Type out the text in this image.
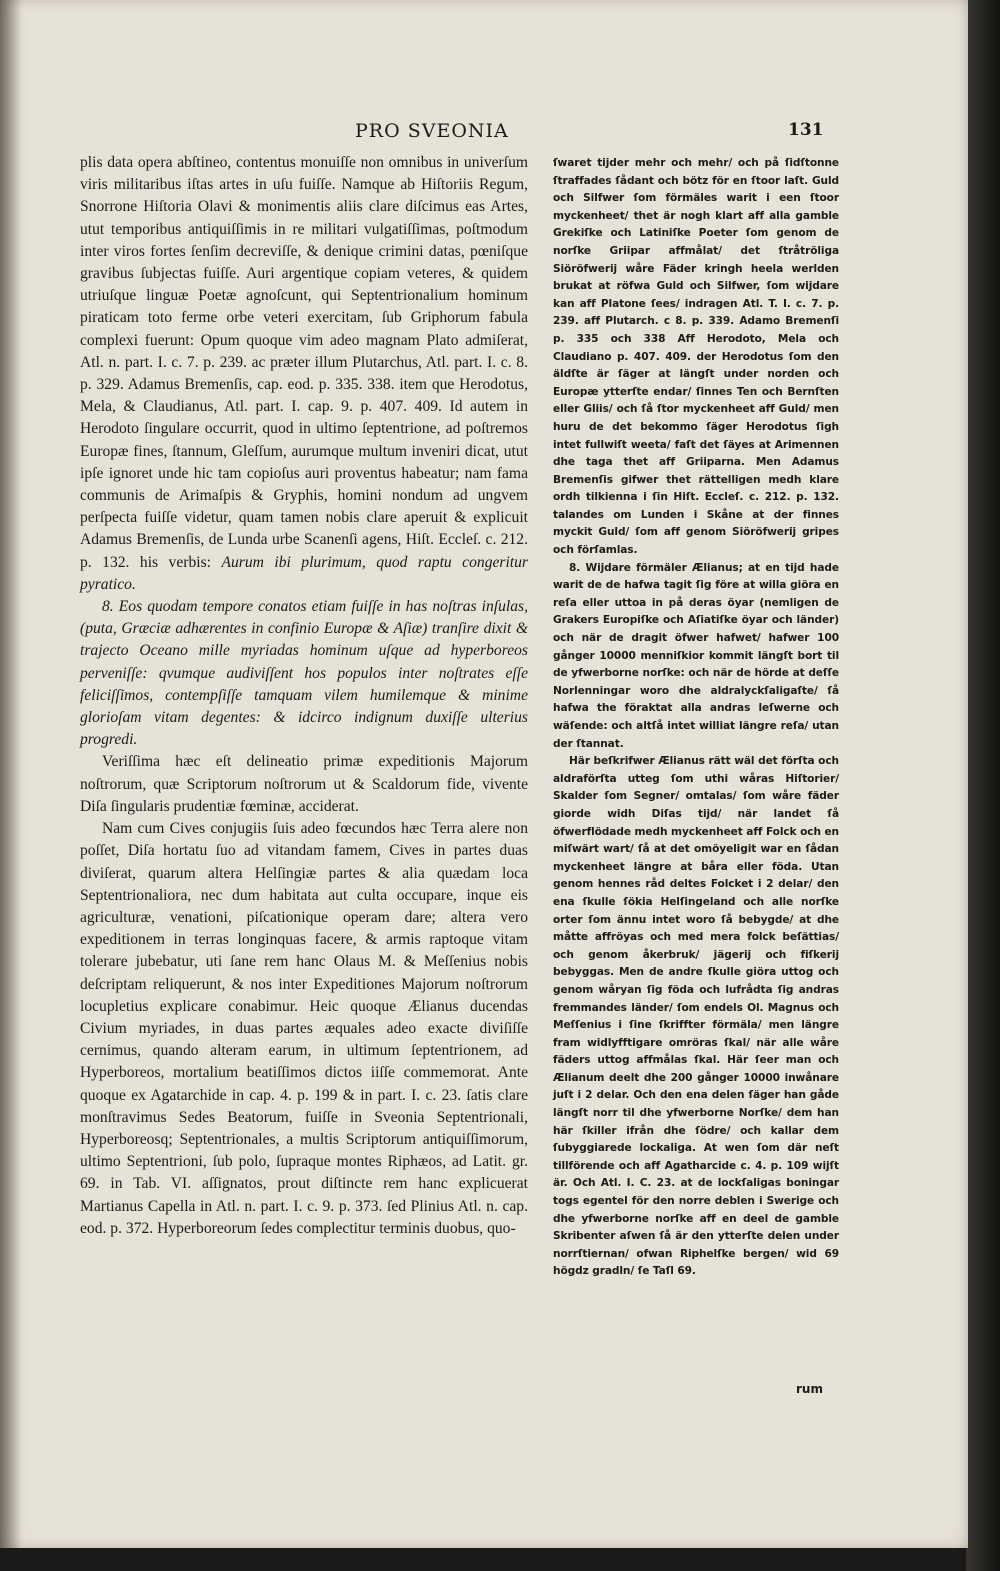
PRO SVEONIA	131

plis data opera abſtineo, contentus monuiſſe non omnibus in univerſum viris militaribus iſtas artes in uſu fuiſſe. Namque ab Hiſtoriis Regum, Snorrone Hiſtoria Olavi & monimentis aliis clare diſcimus eas Artes, utut temporibus antiquiſſimis in re militari vulgatiſſimas, poſtmodum inter viros fortes ſenſim decreviſſe, & denique crimini datas, pœniſque gravibus ſubjectas fuiſſe. Auri argentique copiam veteres, & quidem utriuſque linguæ Poetæ agnoſcunt, qui Septentrionalium hominum piraticam toto ferme orbe veteri exercitam, ſub Griphorum fabula complexi fuerunt: Opum quoque vim adeo magnam Plato admiſerat, Atl. n. part. I. c. 7. p. 239. ac præter illum Plutarchus, Atl. part. I. c. 8. p. 329. Adamus Bremenſis, cap. eod. p. 335. 338. item que Herodotus, Mela, & Claudianus, Atl. part. I. cap. 9. p. 407. 409. Id autem in Herodoto ſingulare occurrit, quod in ultimo ſeptentrione, ad poſtremos Europæ fines, ſtannum, Gleſſum, aurumque multum inveniri dicat, utut ipſe ignoret unde hic tam copioſus auri proventus habeatur; nam fama communis de Arimaſpis & Gryphis, homini nondum ad ungvem perſpecta fuiſſe videtur, quam tamen nobis clare aperuit & explicuit Adamus Bremenſis, de Lunda urbe Scanenſi agens, Hiſt. Eccleſ. c. 212. p. 132. his verbis: Aurum ibi plurimum, quod raptu congeritur pyratico.

8. Eos quodam tempore conatos etiam fuiſſe in has noſtras inſulas, (puta, Græciæ adhærentes in confinio Europæ & Aſiæ) tranſire dixit & trajecto Oceano mille myriadas hominum uſque ad hyperboreos perveniſſe: qvumque audiviſſent hos populos inter noſtrates eſſe feliciſſimos, contempſiſſe tamquam vilem humilemque & minime glorioſam vitam degentes: & idcirco indignum duxiſſe ulterius progredi.

Veriſſima hæc eſt delineatio primæ expeditionis Majorum noſtrorum, quæ Scriptorum noſtrorum ut & Scaldorum fide, vivente Diſa ſingularis prudentiæ fœminæ, acciderat.

Nam cum Cives conjugiis ſuis adeo fœcundos hæc Terra alere non poſſet, Diſa hortatu ſuo ad vitandam famem, Cives in partes duas diviſerat, quarum altera Helſingiæ partes & alia quædam loca Septentrionaliora, nec dum habitata aut culta occupare, inque eis agriculturæ, venationi, piſcationique operam dare; altera vero expeditionem in terras longinquas facere, & armis raptoque vitam tolerare jubebatur, uti ſane rem hanc Olaus M. & Meſſenius nobis deſcriptam reliquerunt, & nos inter Expeditiones Majorum noſtrorum locupletius explicare conabimur. Heic quoque Ælianus ducendas Civium myriades, in duas partes æquales adeo exacte diviſiſſe cernimus, quando alteram earum, in ultimum ſeptentrionem, ad Hyperboreos, mortalium beatiſſimos dictos iiſſe commemorat. Ante quoque ex Agatarchide in cap. 4. p. 199 & in part. I. c. 23. ſatis clare monſtravimus Sedes Beatorum, fuiſſe in Sveonia Septentrionali, Hyperboreosq; Septentrionales, a multis Scriptorum antiquiſſimorum, ultimo Septentrioni, ſub polo, ſupraque montes Riphæos, ad Latit. gr. 69. in Tab. VI. aſſignatos, prout diſtincte rem hanc explicuerat Martianus Capella in Atl. n. part. I. c. 9. p. 373. ſed Plinius Atl. n. cap. eod. p. 372. Hyperboreorum ſedes complectitur terminis duobus, quo-

ſwaret tijder mehr och mehr/ och på ſidſtonne ſtraffades ſådant och bötz för en ſtoor laſt. Guld och Silfwer ſom förmäles warit i een ſtoor myckenheet/ thet är nogh klart aff alla gamble Grekiſke och Latiniſke Poeter ſom genom de norſke Griipar affmålat/ det ſtråtröliga Siöröfwerij wåre Fäder kringh heela werlden brukat at röfwa Guld och Silfwer, ſom wijdare kan aff Platone ſees/ indragen Atl. T. I. c. 7. p. 239. aff Plutarch. c 8. p. 339. Adamo Bremenſi p. 335 och 338 Aff Herodoto, Mela och Claudiano p. 407. 409. der Herodotus ſom den äldſte är ſäger at längſt under norden och Europæ ytterſte endar/ ſinnes Ten och Bernſten eller Gliis/ och ſå ſtor myckenheet aff Guld/ men huru de det bekommo ſäger Herodotus ſigh intet fullwiſt weeta/ faſt det ſäyes at Arimennen dhe taga thet aff Griiparna. Men Adamus Bremenſis gifwer thet rättelligen medh klare ordh tilkienna i ſin Hiſt. Eccleſ. c. 212. p. 132. talandes om Lunden i Skåne at der finnes myckit Guld/ ſom aff genom Siöröfwerij gripes och förſamlas.

8. Wijdare förmäler Ælianus; at en tijd hade warit de de hafwa tagit ſig före at willa giöra en reſa eller uttoa in på deras öyar (nemligen de Grakers Europiſke och Aſiatiſke öyar och länder) och när de dragit öfwer hafwet/ hafwer 100 gånger 10000 menniſkior kommit längſt bort til de yfwerborne norſke: och när de hörde at deſſe Norlenningar woro dhe aldralyckſaligaſte/ ſå hafwa the föraktat alla andras leſwerne och wäſende: och altſå intet williat längre reſa/ utan der ſtannat.

Här beſkrifwer Ælianus rätt wäl det förſta och aldraförſta utteg ſom uthi wåras Hiſtorier/ Skalder ſom Segner/ omtalas/ ſom wåre fäder giorde widh Diſas tijd/ när landet ſå öfwerflödade medh myckenheet aff Folck och en miſwärt wart/ ſå at det omöyeligit war en ſådan myckenheet längre at båra eller föda. Utan genom hennes råd deltes Folcket i 2 delar/ den ena ſkulle ſökia Helſingeland och alle norſke orter ſom ännu intet woro ſå bebygde/ at dhe måtte affröyas och med mera folck beſättias/ och genom åkerbruk/ jägerij och fiſkerij bebyggas. Men de andre ſkulle giöra uttog och genom wåryan ſig föda och lufrådta ſig andras fremmandes länder/ ſom endels Ol. Magnus och Meſſenius i ſine ſkriffter förmäla/ men längre fram widlyfftigare omröras ſkal/ när alle wåre fäders uttog affmålas ſkal. Här ſeer man och Ælianum deelt dhe 200 gånger 10000 inwånare juſt i 2 delar. Och den ena delen ſäger han gåde längſt norr til dhe yfwerborne Norſke/ dem han här ſkiller ifrån dhe ſödre/ och kallar dem ſubyggiarede lockaliga. At wen ſom där neſt tillförende och aff Agatharcide c. 4. p. 109 wijſt är. Och Atl. I. C. 23. at de lockſaligas boningar togs egentel för den norre deblen i Swerige och dhe yfwerborne norſke aff en deel de gamble Skribenter aſwen ſå är den ytterſte delen under norrſtiernan/ ofwan Riphelſke bergen/ wid 69 högdz gradln/ ſe Taſl 69.

rum
